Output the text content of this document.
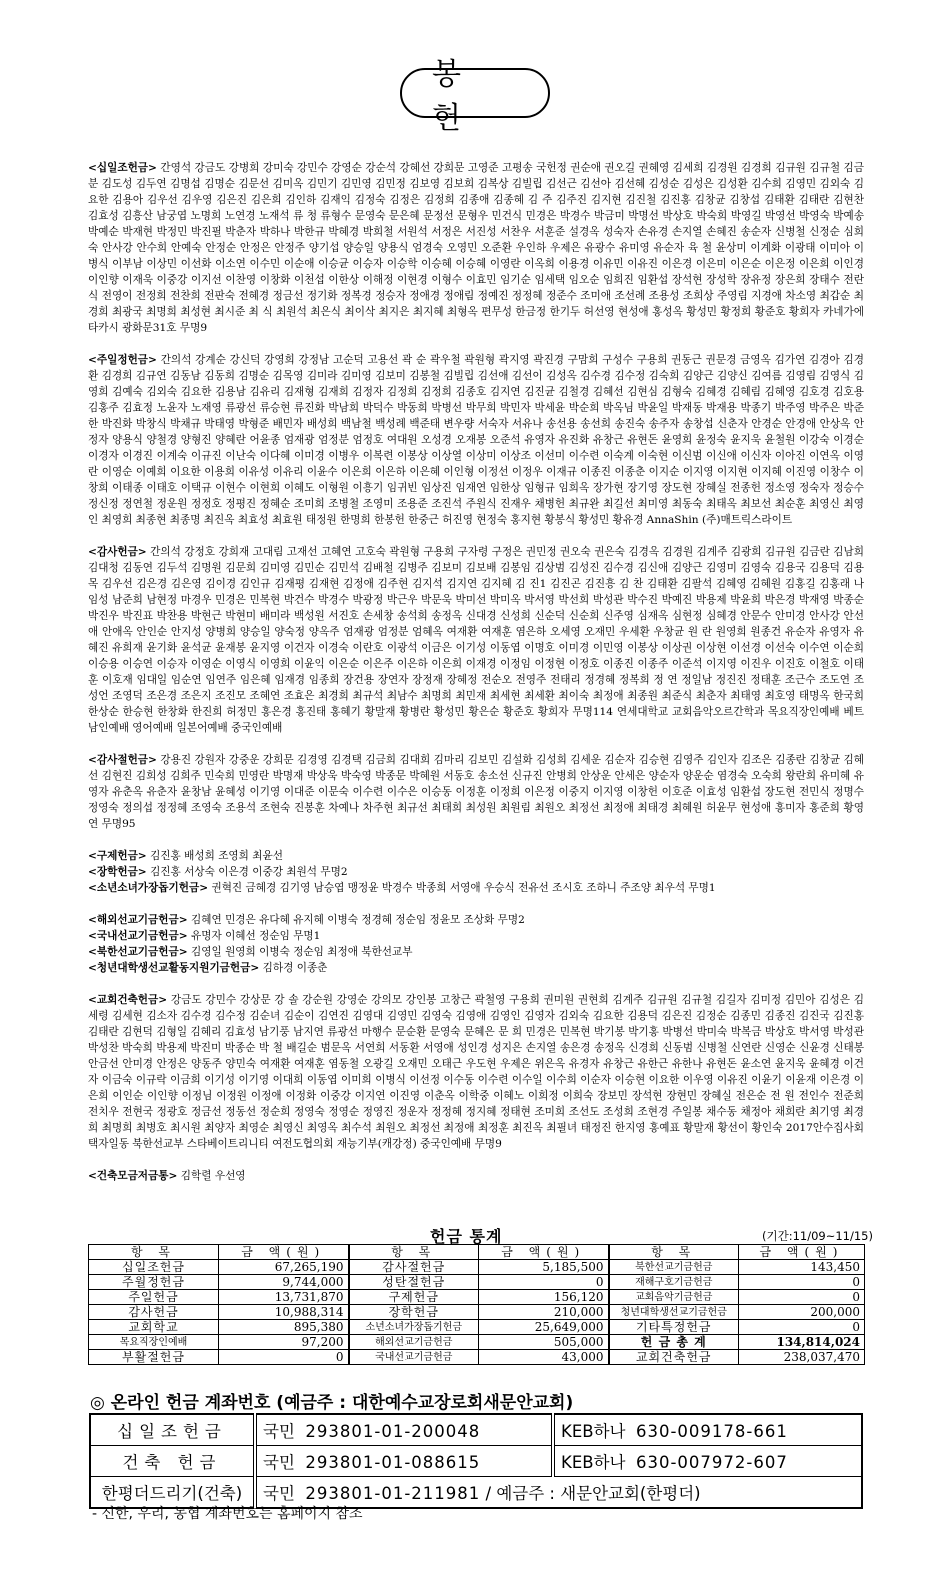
봉 헌

<십일조헌금> 간영석 강금도 강병희 강미숙 강민수 강영순 강순석 강혜선 강희문 고영준 고평송 국헌정 권순애 권오길 권혜영 김세희 김경원 김경희 김규원 김규철 김금분 김도성 김두연 김명섭 김명순 김문선 김미옥 김민기 김민영 김민정 김보영 김보희 김복상 김빌립 김선근 김선아 김선혜 김성순 김성은 김성환 김수희 김영민 김외숙 김요한 김용아 김우선 김우영 김은진 김은희 김인하 김재익 김정숙 김정은 김정희 김종애 김종혜 김 주 김주진 김지현 김진철 김진홍 김창균 김창섭 김태환 김태란 김현찬 김효성 김흥산 남궁엽 노명희 노연경 노재석 류 청 류형수 문영숙 문은혜 문정선 문형우 민건식 민경은 박경수 박금미 박명선 박상호 박숙희 박영길 박영선 박영숙 박예송 박예순 박재현 박정민 박진필 박춘자 박하나 박한규 박혜경 박희철 서원석 서정은 서진성 서찬우 서훈준 설경옥 성숙자 손유경 손지열 손혜진 송순자 신병철 신정순 심희숙 안사강 안수희 안예숙 안정순 안정은 안정주 양기섭 양승일 양용식 엄경숙 오영민 오준환 우인하 우제은 유광수 유미영 유순자 육 철 윤상미 이계화 이광태 이미아 이병식 이부남 이상민 이선화 이소연 이수민 이순애 이승균 이승자 이승학 이승혜 이승혜 이영란 이옥희 이용경 이유민 이유진 이은경 이은미 이은순 이은정 이은희 이인경 이인향 이재욱 이중강 이지선 이찬영 이창화 이천섭 이한상 이해정 이현경 이형수 이효민 임기순 임세택 임오순 임희진 임환섭 장석현 장성학 장유정 장은희 장태수 전란식 전영이 전정희 전찬희 전판숙 전혜경 정금선 정기화 정복경 정승자 정애경 정애림 정예진 정정혜 정준수 조미애 조선례 조용성 조희상 주영림 지경애 차소영 최갑순 최경희 최광국 최명희 최성현 최시준 최 식 최원석 최은식 최이삭 최지은 최지혜 최형옥 편무성 한금정 한기두 허선영 현성애 홍성옥 황성민 황정희 황준호 황희자 카네가에타카시 광화문31호 무명9

<주일정헌금> 간의석 강계순 강신덕 강영희 강정남 고순덕 고용선 곽 순 곽우철 곽원형 곽지영 곽진경 구맘희 구성수 구용희 권동근 권문경 금영옥 김가연 김경아 김경환 김경희 김규연 김동남 김동희 김명순 김목영 김미라 김미영 김보미 김봉철 김빌립 김선애 김선이 김성옥 김수경 김수정 김숙희 김양근 김양신 김여름 김영림 김영식 김영희 김예숙 김외숙 김요한 김용남 김유리 김재형 김재희 김정자 김정희 김정희 김종호 김지연 김진균 김철경 김혜선 김현심 김형숙 김혜경 김혜림 김혜영 김호경 김호용 김홍주 김효정 노윤자 노재영 류광선 류승현 류진화 박남희 박덕수 박동희 박병선 박무희 박민자 박세윤 박순희 박옥님 박윤일 박재동 박재용 박종기 박주영 박주은 박준한 박진화 박창식 박채규 박태영 박형준 배민자 배성희 백남철 백성례 백준태 변우량 서숙자 서유나 송선용 송선희 송진숙 송주자 송창섭 신춘자 안경순 안경애 안상옥 안정자 양용식 양철경 양형진 양혜란 어윤종 엄재광 엄정분 엄정호 여대원 오성경 오재봉 오준석 유영자 유진화 유창근 유현돈 윤영희 윤정숙 윤지욱 윤철원 이강숙 이경순 이경자 이경진 이계숙 이규진 이난숙 이다혜 이미경 이병우 이복련 이봉상 이상열 이상미 이상조 이선미 이수련 이숙계 이숙현 이신범 이신애 이신자 이아진 이연옥 이영란 이영순 이예희 이요한 이용희 이유성 이유리 이윤수 이은희 이은하 이은혜 이인형 이정선 이정우 이재규 이종진 이종춘 이지순 이지영 이지현 이지혜 이진영 이창수 이창희 이태종 이태호 이택규 이현수 이현희 이혜도 이형원 이흥기 임귀빈 임상진 임재연 임한상 임형규 임희옥 장가현 장기영 장도현 장혜실 전종헌 정소영 정숙자 정승수 정신정 정연철 정운원 정정호 정평진 정혜순 조미희 조병철 조영미 조용준 조진석 주원식 진재우 채병헌 최규완 최길선 최미영 최동숙 최태옥 최보선 최순훈 최영신 최영인 최영희 최종현 최종명 최진옥 최효성 최효원 태정원 한명희 한봉헌 한중근 허진영 현정숙 홍지현 황봉식 황성민 황유경 AnnaShin (주)매트릭스라이트

<감사헌금> 간의석 강정호 강희재 고대림 고재선 고혜연 고호숙 곽원형 구용희 구자령 구정은 권민정 권오숙 권은숙 김경옥 김경원 김계주 김광희 김규원 김금란 김남희 김대청 김동연 김두석 김명원 김문희 김미영 김민순 김민석 김배철 김병주 김보미 김보배 김봉임 김상범 김성진 김수경 김신애 김양근 김영미 김영숙 김용국 김용덕 김용목 김우선 김은경 김은영 김이경 김인규 김재평 김재현 김정애 김주현 김지석 김지연 김지혜 김 진1 김진곤 김진흥 김 찬 김태환 김팔석 김혜영 김혜원 김홍길 김홍래 나임성 남준희 남현정 마경우 민경은 민복현 박건수 박경수 박광정 박근우 박문욱 박미선 박미옥 박서영 박선희 박성관 박수진 박예진 박용제 박윤희 박은경 박재영 박종순 박진우 박진표 박찬용 박현근 박현미 배미라 백성원 서진호 손세창 송석희 송정옥 신대경 신성희 신순덕 신순희 신주영 심재옥 심현정 심혜경 안문수 안미경 안사강 안선애 안애옥 안인순 안지성 양병희 양승일 양숙정 양옥주 엄재광 엄정분 엄혜옥 여재환 여재훈 염은하 오세영 오재민 우세환 우창균 원 란 원영희 원종건 유순자 유영자 유혜진 유희재 윤기화 윤석균 윤재봉 윤지영 이건자 이경숙 이란호 이광석 이금은 이기성 이동엽 이명호 이미경 이민영 이봉상 이상권 이상현 이선경 이선숙 이수연 이순희 이승용 이승연 이승자 이영순 이영식 이영희 이윤익 이은순 이은주 이은하 이은희 이재경 이정임 이정현 이정호 이종진 이종주 이준석 이지영 이진우 이진호 이철호 이태훈 이호재 임대일 임순연 임연주 임은혜 임재경 임종희 장건용 장연자 장정재 장혜정 전순오 전영주 전태리 정경혜 정복희 정 연 정일남 정진진 정태훈 조근수 조도연 조성언 조영덕 조은경 조은지 조진모 조혜연 조효은 최경희 최규석 최남수 최명희 최민재 최세현 최세환 최이숙 최정애 최종원 최준식 최춘자 최태영 최호영 태명옥 한국희 한상순 한승현 한창화 한진희 허정민 홍은경 홍진태 홍혜기 황말재 황병란 황성민 황은순 황준호 황희자 무명114 연세대학교 교회음악오르간학과 목요직장인예배 베트남인예배 영어예배 일본어예배 중국인예배

<감사절헌금> 강용진 강원자 강중운 강희문 김경영 김경택 김금희 김대희 김마리 김보민 김설화 김성희 김세운 김순자 김승현 김영주 김인자 김조은 김종란 김창균 김혜선 김현진 김희성 김희주 민숙희 민영란 박명재 박상욱 박숙영 박종문 박혜원 서동호 송소선 신규진 안병희 안상운 안세은 양순자 양운순 염경숙 오숙희 왕란희 유미혜 유영자 유춘옥 유춘자 윤창남 윤혜성 이기영 이대준 이문숙 이수련 이수은 이승동 이정훈 이정희 이은정 이중지 이지영 이창헌 이호준 이효성 임환섭 장도현 전민식 정명수 정영숙 정의섭 정정혜 조영숙 조용석 조현숙 진봉훈 차예나 차주현 최규선 최태희 최성원 최원림 최원오 최정선 최정애 최태경 최혜원 허윤무 현성애 홍미자 홍준희 황영연 무명95

<구제헌금> 김진홍 배성희 조영희 최윤선

<장학헌금> 김진홍 서상숙 이은경 이중강 최원석 무명2

<소년소녀가장돕기헌금> 권혁진 금혜경 김기영 남승엽 맹정윤 박경수 박종희 서영애 우승식 전유선 조시호 조하니 주조양 최우석 무명1

<해외선교기금헌금> 김혜연 민경은 유다혜 유지혜 이병숙 정경혜 정순임 정윤모 조상화 무명2

<국내선교기금헌금> 유명자 이혜선 정순임 무명1

<북한선교기금헌금> 김영일 원영희 이병숙 정순임 최정애 북한선교부

<청년대학생선교활동지원기금헌금> 김하경 이종춘

<교회건축헌금> 강금도 강민수 강상문 강 솔 강순원 강영순 강의모 강인봉 고창근 곽철영 구용희 권미원 권현희 김계주 김규원 김규철 김길자 김미정 김민아 김성은 김세령 김세현 김소자 김수경 김수정 김순녀 김순이 김연진 김영대 김영민 김영숙 김영애 김영인 김영자 김외숙 김요한 김용덕 김은진 김정순 김종민 김종진 김진국 김진홍 김태란 김현덕 김형일 김혜리 김효성 남기풍 남지연 류광선 마행수 문순환 문영숙 문혜은 문 희 민경은 민복현 박기봉 박기홍 박병선 박미숙 박복금 박상호 박서영 박성관 박성찬 박숙희 박용제 박진미 박종순 박 철 배길순 범문옥 서연희 서동환 서영애 성인경 성지은 손지열 송은경 송정옥 신경희 신동범 신병철 신연란 신영순 신윤경 신태봉 안금선 안미경 안정은 양동주 양민숙 여재환 여재훈 염동철 오광길 오재민 오태근 우도현 우제은 위은옥 유경자 유창근 유한근 유한나 유현돈 윤소연 윤지욱 윤혜경 이건자 이금숙 이규락 이금희 이기성 이기영 이대희 이동엽 이미희 이병식 이선정 이수동 이수련 이수일 이수희 이순자 이승현 이요한 이우영 이유진 이윤기 이윤재 이은경 이은희 이인순 이인향 이정님 이정원 이정애 이정화 이중강 이지연 이진영 이춘옥 이학중 이혜노 이희정 이희숙 장보민 장석현 장현민 장혜실 전은순 전 원 전인수 전준희 전치우 전현국 정광호 정금선 정동선 정순희 정영숙 정영순 정영진 정운자 정정혜 정지혜 정태현 조미희 조선도 조성희 조현경 주일봉 채수동 채정아 채희란 최기영 최경희 최명희 최병호 최시원 최양자 최영순 최영신 최영옥 최수석 최원오 최정선 최정애 최정훈 최진옥 최필녀 태정진 한지영 홍예표 황말재 황선이 황인숙 2017안수집사회택자일동 북한선교부 스타베이트리니티 여전도협의회 재능기부(캐강정) 중국인예배 무명9

<건축모금저금통> 김학렬 우선영

헌금 통계	(기간:11/09~11/15)
항 목	금 액(원)	항 목	금 액(원)	항 목	금 액(원)
십일조헌금	67,265,190	감사절헌금	5,185,500	북한선교기금헌금	143,450
주월정헌금	9,744,000	성탄절헌금	0	재해구호기금헌금	0
주일헌금	13,731,870	구제헌금	156,120	교회음악기금헌금	0
감사헌금	10,988,314	장학헌금	210,000	청년대학생선교기금헌금	200,000
교회학교	895,380	소년소녀가장돕기헌금	25,649,000	기타특정헌금	0
목요직장인예배	97,200	해외선교기금헌금	505,000	헌 금 총 계	134,814,024
부활절헌금	0	국내선교기금헌금	43,000	교회건축헌금	238,037,470
◎ 온라인 헌금 계좌번호 (예금주 : 대한예수교장로회새문안교회)
십일조헌금	국민 293801-01-200048	KEB하나 630-009178-661
건축 헌금	국민 293801-01-088615	KEB하나 630-007972-607
한평더드리기(건축)	국민 293801-01-211981 / 예금주 : 새문안교회(한평더)	
- 신한, 우리, 농협 계좌번호는 홈페이지 참조
